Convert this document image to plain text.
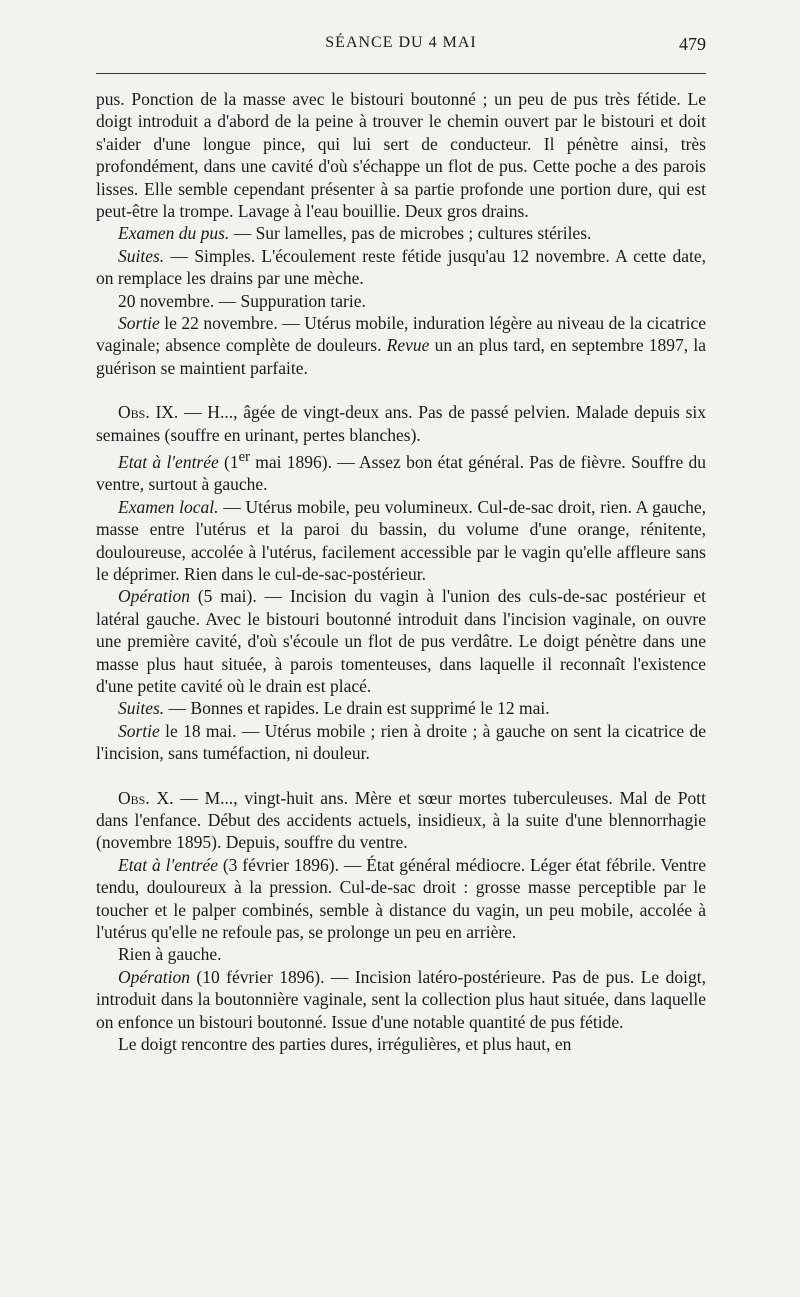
SÉANCE DU 4 MAI	479

pus. Ponction de la masse avec le bistouri boutonné ; un peu de pus très fétide. Le doigt introduit a d'abord de la peine à trouver le chemin ouvert par le bistouri et doit s'aider d'une longue pince, qui lui sert de conducteur. Il pénètre ainsi, très profondément, dans une cavité d'où s'échappe un flot de pus. Cette poche a des parois lisses. Elle semble cependant présenter à sa partie profonde une portion dure, qui est peut-être la trompe. Lavage à l'eau bouillie. Deux gros drains.

Examen du pus. — Sur lamelles, pas de microbes ; cultures stériles.

Suites. — Simples. L'écoulement reste fétide jusqu'au 12 novembre. A cette date, on remplace les drains par une mèche.

20 novembre. — Suppuration tarie.

Sortie le 22 novembre. — Utérus mobile, induration légère au niveau de la cicatrice vaginale; absence complète de douleurs. Revue un an plus tard, en septembre 1897, la guérison se maintient parfaite.

Obs. IX. — H..., âgée de vingt-deux ans. Pas de passé pelvien. Malade depuis six semaines (souffre en urinant, pertes blanches).

Etat à l'entrée (1er mai 1896). — Assez bon état général. Pas de fièvre. Souffre du ventre, surtout à gauche.

Examen local. — Utérus mobile, peu volumineux. Cul-de-sac droit, rien. A gauche, masse entre l'utérus et la paroi du bassin, du volume d'une orange, rénitente, douloureuse, accolée à l'utérus, facilement accessible par le vagin qu'elle affleure sans le déprimer. Rien dans le cul-de-sac-postérieur.

Opération (5 mai). — Incision du vagin à l'union des culs-de-sac postérieur et latéral gauche. Avec le bistouri boutonné introduit dans l'incision vaginale, on ouvre une première cavité, d'où s'écoule un flot de pus verdâtre. Le doigt pénètre dans une masse plus haut située, à parois tomenteuses, dans laquelle il reconnaît l'existence d'une petite cavité où le drain est placé.

Suites. — Bonnes et rapides. Le drain est supprimé le 12 mai.

Sortie le 18 mai. — Utérus mobile ; rien à droite ; à gauche on sent la cicatrice de l'incision, sans tuméfaction, ni douleur.

Obs. X. — M..., vingt-huit ans. Mère et sœur mortes tuberculeuses. Mal de Pott dans l'enfance. Début des accidents actuels, insidieux, à la suite d'une blennorrhagie (novembre 1895). Depuis, souffre du ventre.

Etat à l'entrée (3 février 1896). — État général médiocre. Léger état fébrile. Ventre tendu, douloureux à la pression. Cul-de-sac droit : grosse masse perceptible par le toucher et le palper combinés, semble à distance du vagin, un peu mobile, accolée à l'utérus qu'elle ne refoule pas, se prolonge un peu en arrière.

Rien à gauche.

Opération (10 février 1896). — Incision latéro-postérieure. Pas de pus. Le doigt, introduit dans la boutonnière vaginale, sent la collection plus haut située, dans laquelle on enfonce un bistouri boutonné. Issue d'une notable quantité de pus fétide.

Le doigt rencontre des parties dures, irrégulières, et plus haut, en
